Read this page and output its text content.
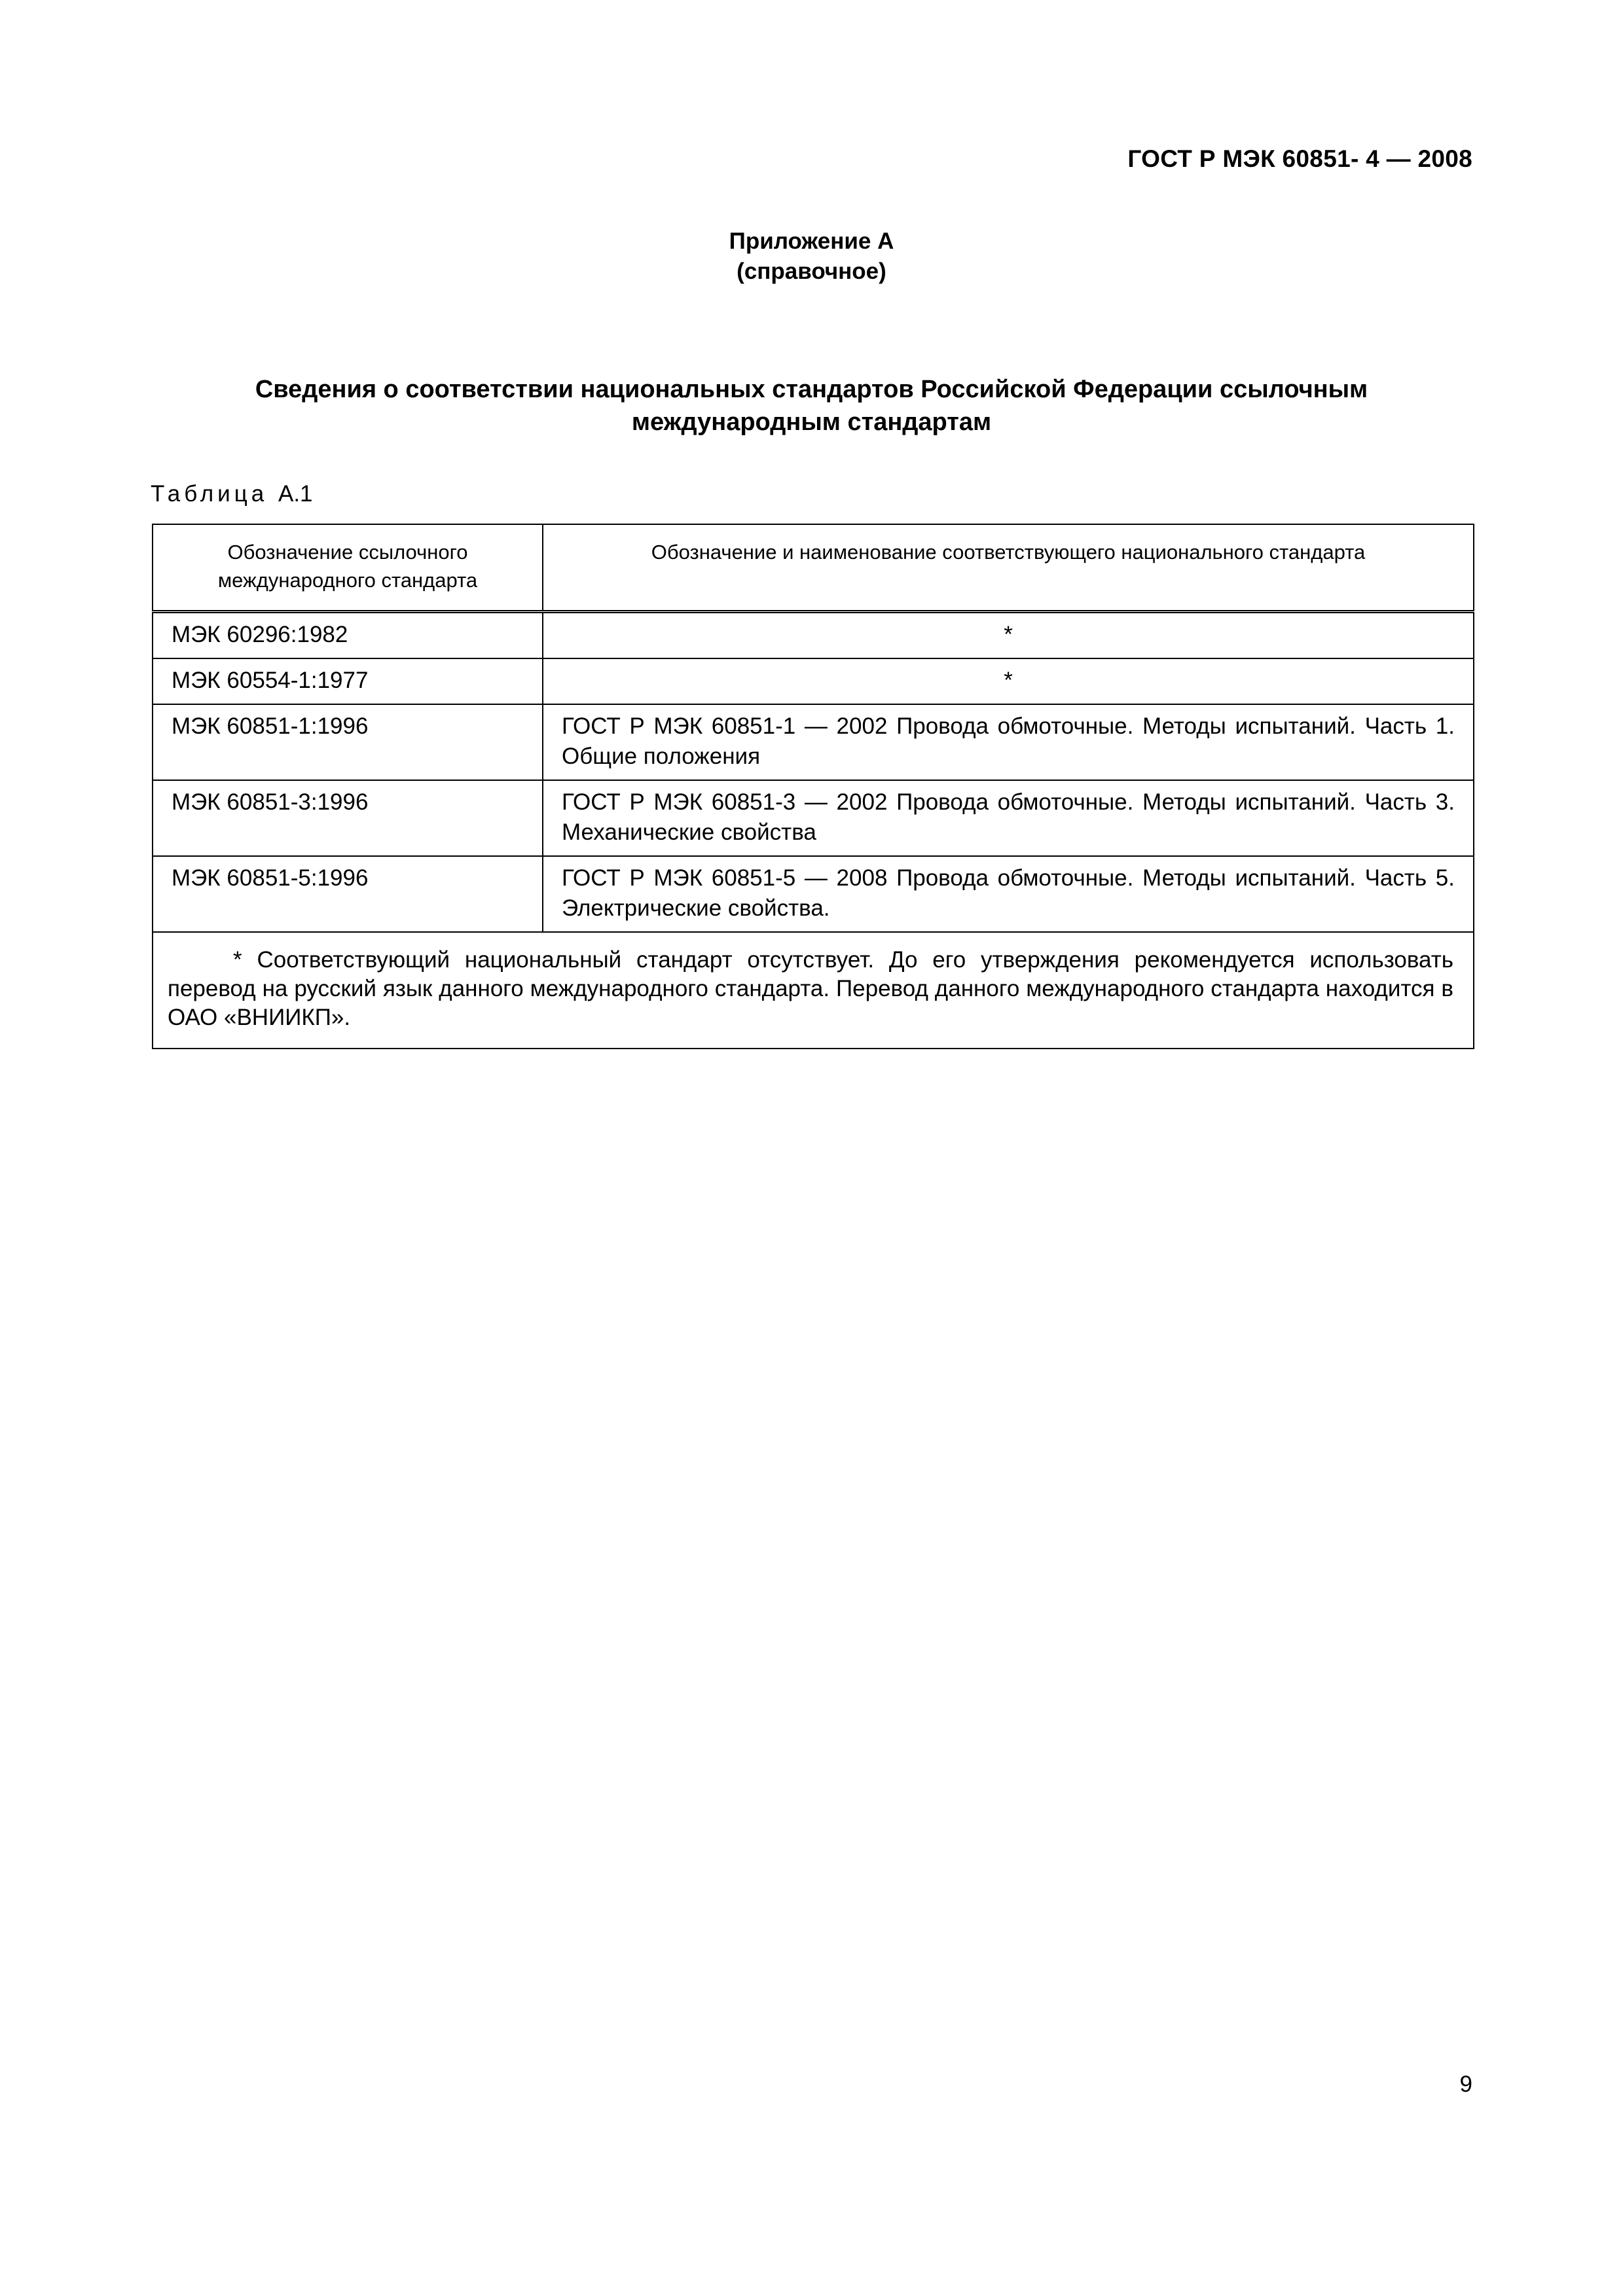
ГОСТ Р МЭК 60851- 4 — 2008
Приложение А
(справочное)
Сведения о соответствии национальных стандартов Российской Федерации ссылочным международным стандартам
Таблица А.1
Обозначение ссылочного международного стандарта	Обозначение и наименование соответствующего национального стандарта
МЭК 60296:1982	*
МЭК 60554-1:1977	*
МЭК 60851-1:1996	ГОСТ Р МЭК 60851-1 — 2002 Провода обмоточные. Методы испытаний. Часть 1. Общие положения
МЭК 60851-3:1996	ГОСТ Р МЭК 60851-3 — 2002 Провода обмоточные. Методы испытаний. Часть 3. Механические свойства
МЭК 60851-5:1996	ГОСТ Р МЭК 60851-5 — 2008 Провода обмоточные. Методы испытаний. Часть 5. Электрические свойства.

* Соответствующий национальный стандарт отсутствует. До его утверждения рекомендуется использовать перевод на русский язык данного международного стандарта. Перевод данного международного стандарта находится в ОАО «ВНИИКП».	
9
